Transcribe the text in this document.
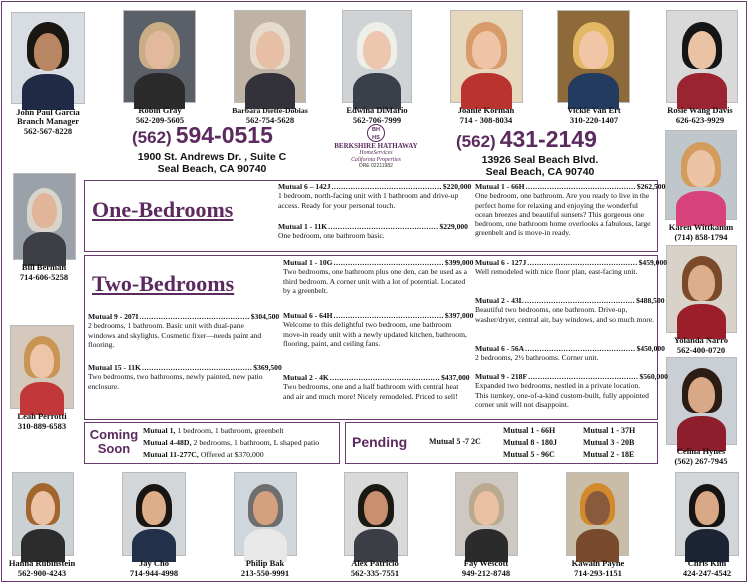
John Paul Garcia
Branch Manager
562-567-8228
Robin Gray
562-209-5605
Barbara Diette-Dobias
562-754-5628
Edwina DiMario
562-706-7999
Joanie Korman
714 - 308-8034
Vickie Van Ert
310-220-1407
Rosie Wang Davis
626-623-9929
(562) 594-0515
1900 St. Andrews Dr. , Suite C
Seal Beach, CA 90740
BH HS
BERKSHIRE HATHAWAY
HomeServices
California Properties
DRE 02211982
(562) 431-2149
13926 Seal Beach Blvd.
Seal Beach, CA 90740
Bill Berman
714-606-5258
Leah Perrotti
310-889-6583
Karen Wittkamm
(714) 858-1794
Yolanda Narro
562-400-0720
Celina Hynes
(562) 267-7945
One-Bedrooms
Mutual 6 – 142J .............................................. $220,000
1 bedroom, north-facing unit with 1 bathroom and drive-up access. Ready for your personal touch.
Mutual 1 - 11K .............................................. $229,000
One bedroom, one bathroom basic.
Mutual 1 - 66H .............................................. $262,500
One bedroom, one bathroom. Are you ready to live in the perfect home for relaxing and enjoying the wonderful ocean breezes and beautiful sunsets? This gorgeous one bedroom, one bathroom home overlooks a fabulous, large greenbelt and is move-in ready.
Two-Bedrooms
Mutual 9 - 207I .............................................. $304,500
2 bedrooms, 1 bathroom. Basic unit with dual-pane windows and skylights. Cosmetic fixer—needs paint and flooring.
Mutual 15 - 11K .............................................. $369,500
Two bedrooms, two bathrooms, newly painted, new patio enclosure.
Mutual 1 - 10G .............................................. $399,000
Two bedrooms, one bathroom plus one den, can be used as a third bedroom. A corner unit with a lot of potential. Located by a greenbelt.
Mutual 6 - 64H .............................................. $397,000
Welcome to this delightful two bedroom, one bathroom move-in ready unit with a newly updated kitchen, bathroom, flooring, paint, and ceiling fans.
Mutual 2 - 4K .............................................. $437,000
Two bedrooms, one and a half bathroom with central heat and air and much more! Nicely remodeled. Priced to sell!
Mutual 6 - 127J .............................................. $459,000
Well remodeled with nice floor plan, east-facing unit.
Mutual 2 - 43L .............................................. $488,500
Beautiful two bedrooms, one bathroom. Drive-up, washer/dryer, central air, bay windows, and so much more.
Mutual 6 - 56A .............................................. $450,000
2 bedrooms, 2½ bathrooms. Corner unit.
Mutual 9 - 218F .............................................. $560,000
Expanded two bedrooms, nestled in a private location. This turnkey, one-of-a-kind custom-built, fully appointed corner unit will not disappoint.
Coming
Soon
Mutual 1, 1 bedroom, 1 bathroom, greenbelt
Mutual 4-48D, 2 bedrooms, 1 bathroom, L shaped patio
Mutual 11-277C, Offered at $370,000
Pending	Mutual 5 -7 2C
Mutual 1 - 66H
Mutual 8 - 180J
Mutual 5 - 96C
Mutual 1 - 37H
Mutual 3 - 20B
Mutual 2 - 18E
Hanna Rubinstein
562-900-4243
Jay Cho
714-944-4998
Philip Bak
213-550-9991
Alex Patricio
562-335-7551
Fay Wescott
949-212-8748
Kawain Payne
714-293-1151
Chris Kim
424-247-4542
